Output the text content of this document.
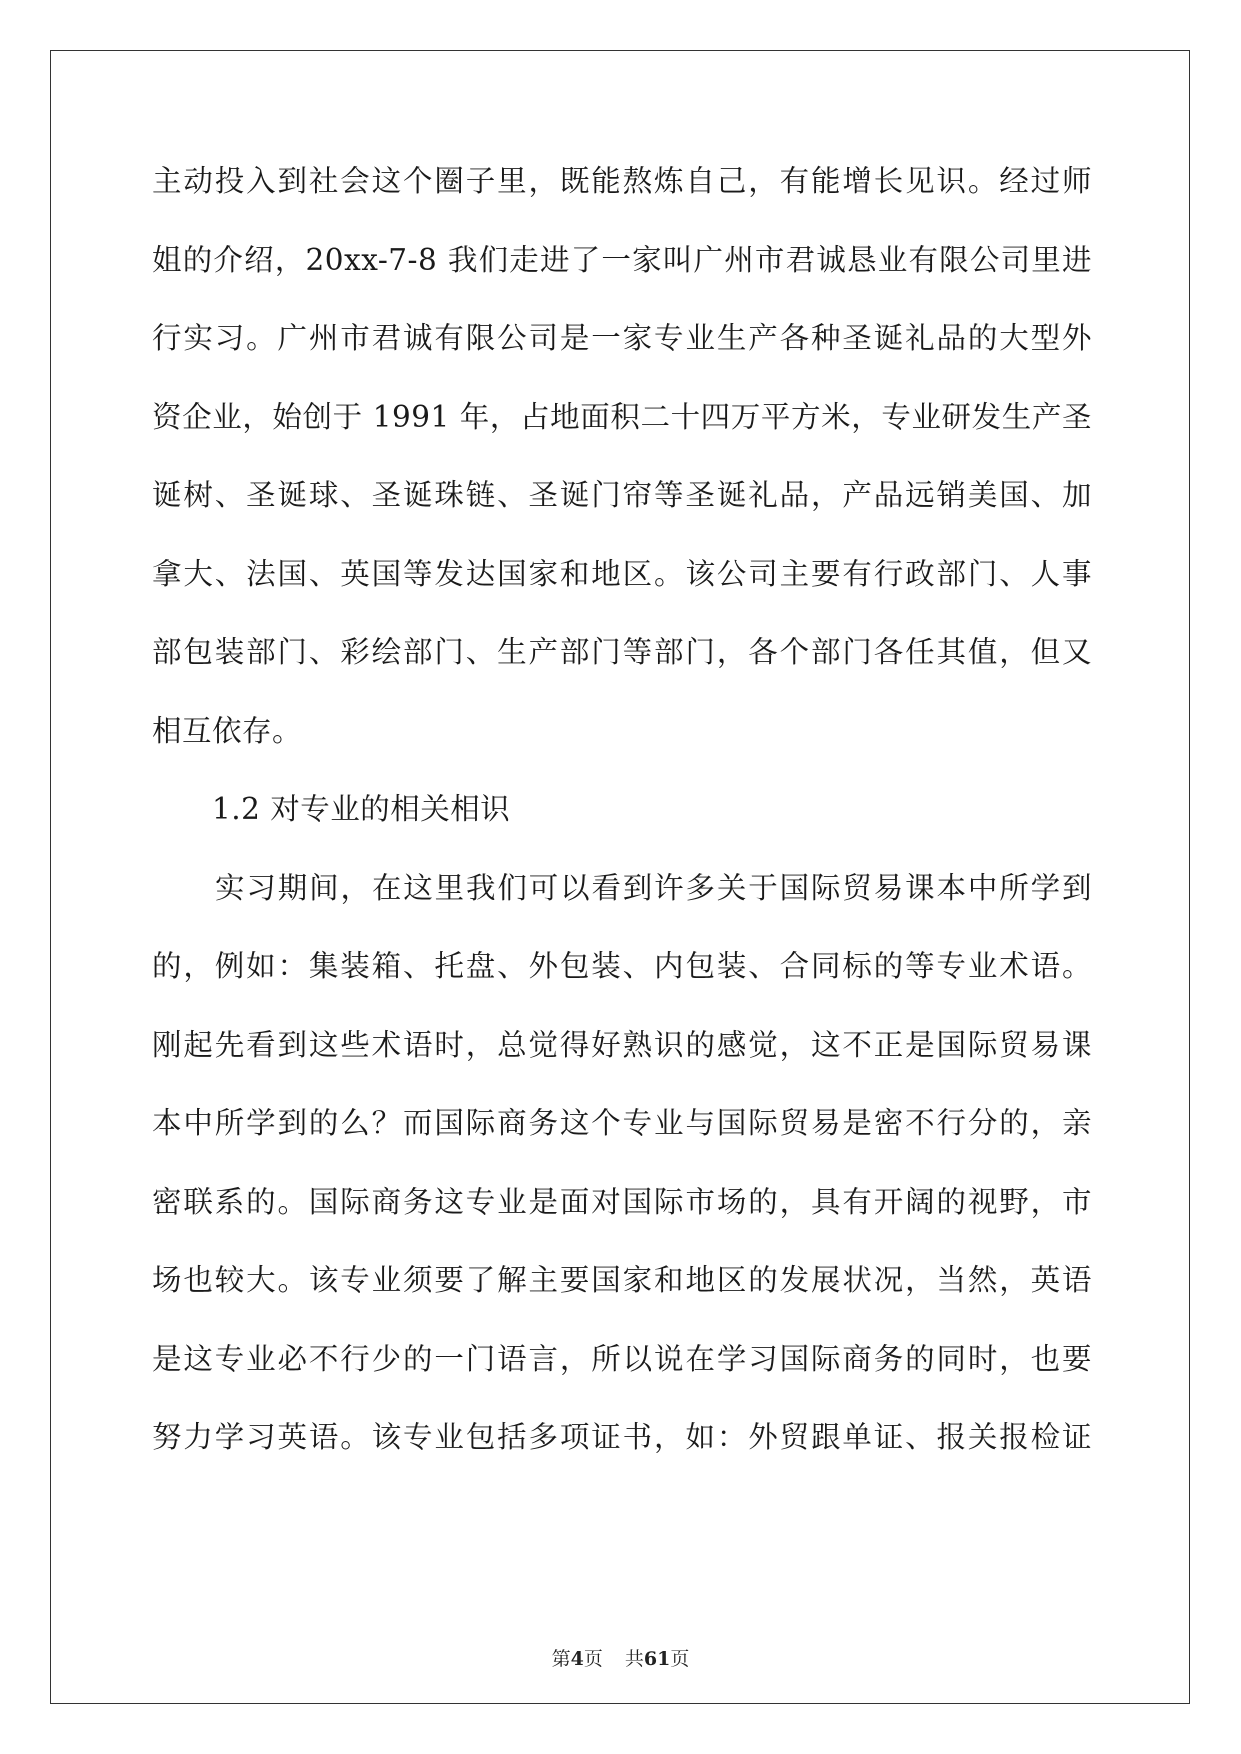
主动投入到社会这个圈子里，既能熬炼自己，有能增长见识。经过师
姐的介绍，20xx-7-8 我们走进了一家叫广州市君诚恳业有限公司里进
行实习。广州市君诚有限公司是一家专业生产各种圣诞礼品的大型外
资企业，始创于 1991 年，占地面积二十四万平方米，专业研发生产圣
诞树、圣诞球、圣诞珠链、圣诞门帘等圣诞礼品，产品远销美国、加
拿大、法国、英国等发达国家和地区。该公司主要有行政部门、人事
部包装部门、彩绘部门、生产部门等部门，各个部门各任其值，但又
相互依存。
1.2 对专业的相关相识
实习期间，在这里我们可以看到许多关于国际贸易课本中所学到
的，例如：集装箱、托盘、外包装、内包装、合同标的等专业术语。
刚起先看到这些术语时，总觉得好熟识的感觉，这不正是国际贸易课
本中所学到的么？而国际商务这个专业与国际贸易是密不行分的，亲
密联系的。国际商务这专业是面对国际市场的，具有开阔的视野，市
场也较大。该专业须要了解主要国家和地区的发展状况，当然，英语
是这专业必不行少的一门语言，所以说在学习国际商务的同时，也要
努力学习英语。该专业包括多项证书，如：外贸跟单证、报关报检证
第4页 共61页
